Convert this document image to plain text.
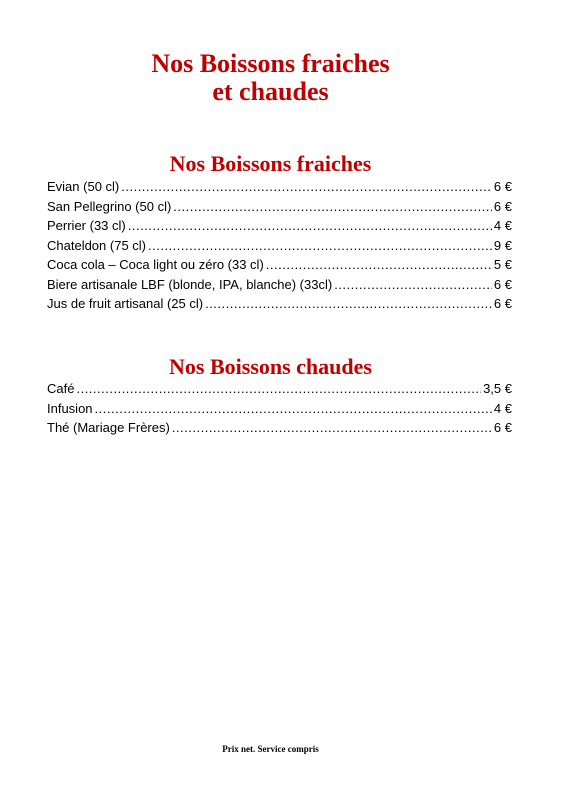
Nos Boissons fraiches
et chaudes
Nos Boissons fraiches
Evian (50 cl) .....	6 €
San Pellegrino (50 cl) .....	6 €
Perrier (33 cl) .....	4 €
Chateldon (75 cl) .....	9 €
Coca cola – Coca light ou zéro (33 cl) .....	5 €
Biere artisanale LBF (blonde, IPA, blanche) (33cl) .....	6 €
Jus de fruit artisanal (25 cl) .....	6 €
Nos Boissons chaudes
Café .....	3,5 €
Infusion .....	4 €
Thé (Mariage Frères) .....	6 €
Prix net. Service compris
